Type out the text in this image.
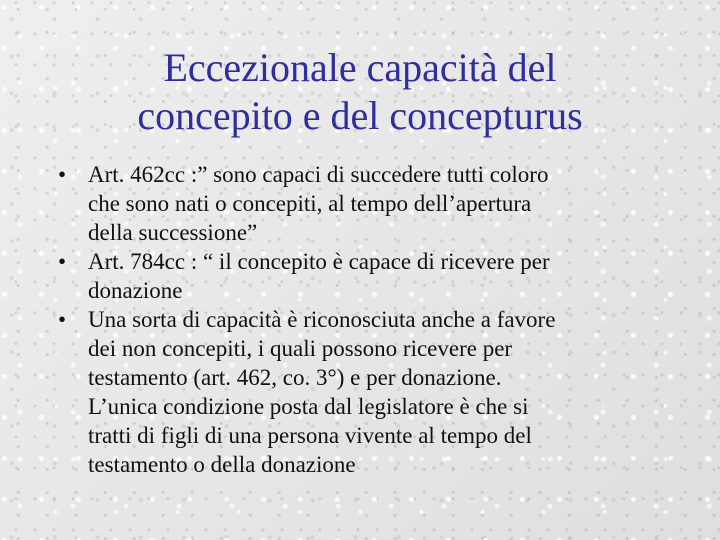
Eccezionale capacità del
concepito e del concepturus
• Art. 462cc :” sono capaci di succedere tutti coloro
che sono nati o concepiti, al tempo dell’apertura
della successione”
• Art. 784cc : “ il concepito è capace di ricevere per
donazione
• Una sorta di capacità è riconosciuta anche a favore
dei non concepiti, i quali possono ricevere per
testamento (art. 462, co. 3°) e per donazione.
L’unica condizione posta dal legislatore è che si
tratti di figli di una persona vivente al tempo del
testamento o della donazione
